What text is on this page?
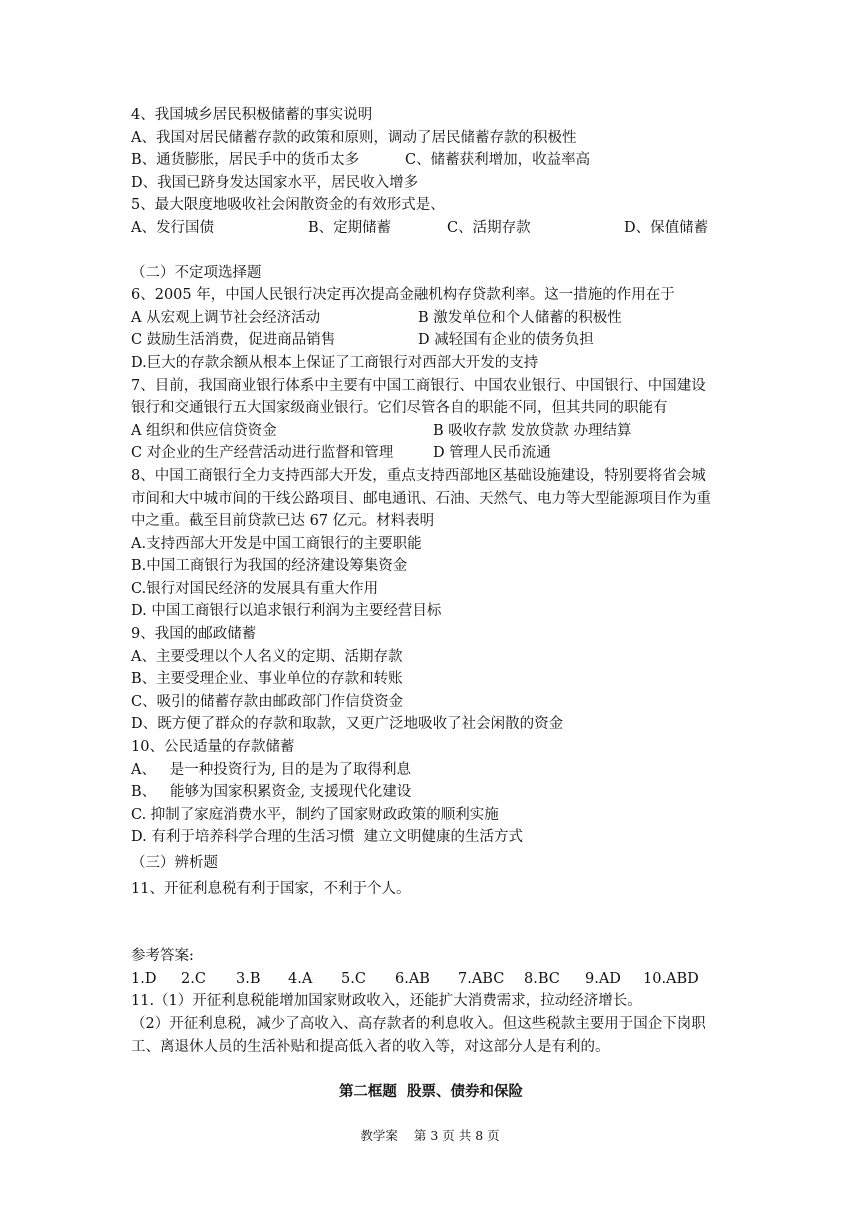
4、我国城乡居民积极储蓄的事实说明
A、我国对居民储蓄存款的政策和原则，调动了居民储蓄存款的积极性
B、通货膨胀，居民手中的货币太多	C、储蓄获利增加，收益率高
D、我国已跻身发达国家水平，居民收入增多
5、最大限度地吸收社会闲散资金的有效形式是、
A、发行国债	B、定期储蓄	C、活期存款	D、保值储蓄
（二）不定项选择题
6、2005 年，中国人民银行决定再次提高金融机构存贷款利率。这一措施的作用在于
A 从宏观上调节社会经济活动	B 激发单位和个人储蓄的积极性
C 鼓励生活消费，促进商品销售	D 减轻国有企业的债务负担
D.巨大的存款余额从根本上保证了工商银行对西部大开发的支持
7、目前，我国商业银行体系中主要有中国工商银行、中国农业银行、中国银行、中国建设
银行和交通银行五大国家级商业银行。它们尽管各自的职能不同，但其共同的职能有
A 组织和供应信贷资金	B 吸收存款 发放贷款 办理结算
C 对企业的生产经营活动进行监督和管理	D 管理人民币流通
8、中国工商银行全力支持西部大开发，重点支持西部地区基础设施建设，特别要将省会城
市间和大中城市间的干线公路项目、邮电通讯、石油、天然气、电力等大型能源项目作为重
中之重。截至目前贷款已达 67 亿元。材料表明
A.支持西部大开发是中国工商银行的主要职能
B.中国工商银行为我国的经济建设筹集资金
C.银行对国民经济的发展具有重大作用
D. 中国工商银行以追求银行利润为主要经营目标
9、我国的邮政储蓄
A、主要受理以个人名义的定期、活期存款
B、主要受理企业、事业单位的存款和转账
C、吸引的储蓄存款由邮政部门作信贷资金
D、既方便了群众的存款和取款，又更广泛地吸收了社会闲散的资金
10、公民适量的存款储蓄
A、   是一种投资行为, 目的是为了取得利息
B、   能够为国家积累资金, 支援现代化建设
C. 抑制了家庭消费水平，制约了国家财政政策的顺利实施
D. 有利于培养科学合理的生活习惯  建立文明健康的生活方式
（三）辨析题
11、开征利息税有利于国家，不利于个人。
参考答案:
1.D 2.C 3.B 4.A 5.C 6.AB 7.ABC 8.BC 9.AD 10.ABD
11.（1）开征利息税能增加国家财政收入，还能扩大消费需求，拉动经济增长。
（2）开征利息税，减少了高收入、高存款者的利息收入。但这些税款主要用于国企下岗职
工、离退休人员的生活补贴和提高低入者的收入等，对这部分人是有利的。
第二框题  股票、债券和保险
教学案 第 3 页 共 8 页
